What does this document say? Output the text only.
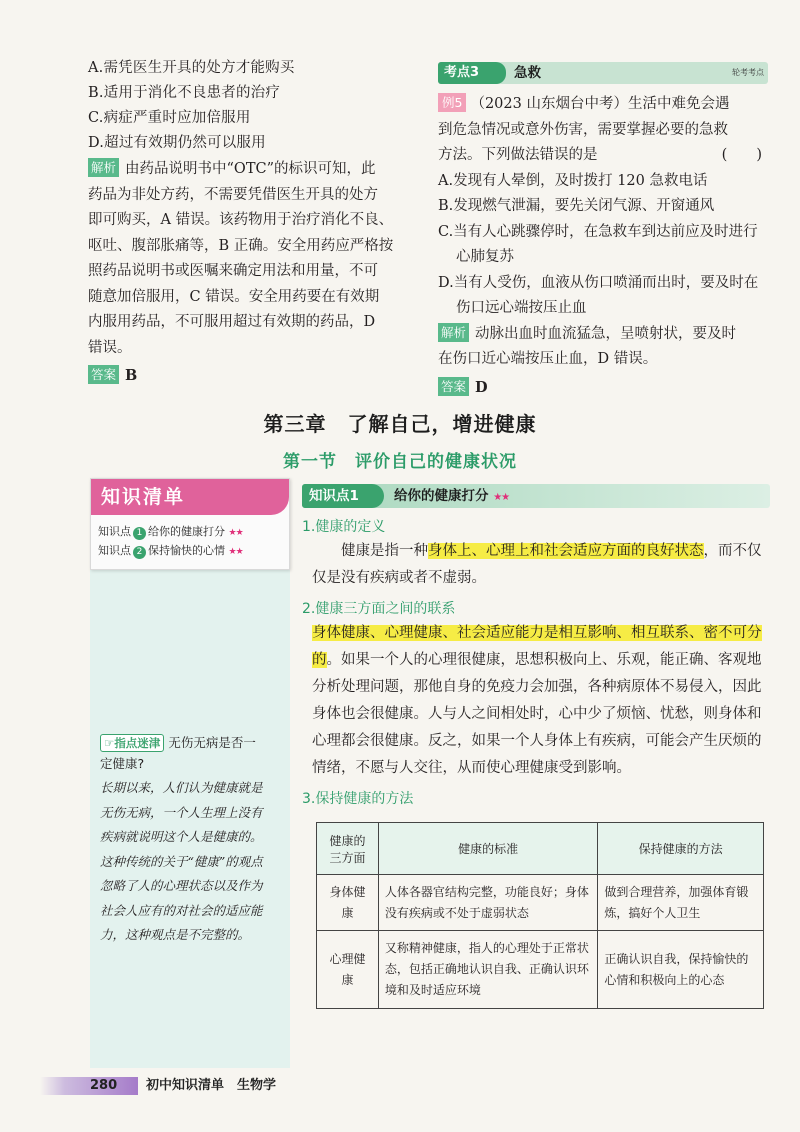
A.需凭医生开具的处方才能购买
B.适用于消化不良患者的治疗
C.病症严重时应加倍服用
D.超过有效期仍然可以服用
解析 由药品说明书中“OTC”的标识可知，此
药品为非处方药，不需要凭借医生开具的处方
即可购买，A 错误。该药物用于治疗消化不良、
呕吐、腹部胀痛等，B 正确。安全用药应严格按
照药品说明书或医嘱来确定用法和用量，不可
随意加倍服用，C 错误。安全用药要在有效期
内服用药品，不可服用超过有效期的药品，D
错误。
答案 B
考点3	急救	轮考考点
例5 （2023 山东烟台中考）生活中难免会遇
到危急情况或意外伤害，需要掌握必要的急救

方法。下列做法错误的是	(　　)
A.发现有人晕倒，及时拨打 120 急救电话
B.发现燃气泄漏，要先关闭气源、开窗通风
C.当有人心跳骤停时，在急救车到达前应及时进行心肺复苏
D.当有人受伤，血液从伤口喷涌而出时，要及时在伤口远心端按压止血
解析 动脉出血时血流猛急，呈喷射状，要及时
在伤口近心端按压止血，D 错误。
答案 D
第三章　了解自己，增进健康
第一节　评价自己的健康状况
知识清单
知识点 1 给你的健康打分 ★★
知识点 2 保持愉快的心情 ★★
☞指点迷津 无伤无病是否一
定健康?
长期以来，人们认为健康就是
无伤无病，一个人生理上没有
疾病就说明这个人是健康的。
这种传统的关于“健康”的观点
忽略了人的心理状态以及作为
社会人应有的对社会的适应能
力，这种观点是不完整的。
知识点1	给你的健康打分 ★★
1.健康的定义
健康是指一种身体上、心理上和社会适应方面的良好状态，而不仅仅是没有疾病或者不虚弱。
2.健康三方面之间的联系
身体健康、心理健康、社会适应能力是相互影响、相互联系、密不可分的。如果一个人的心理很健康，思想积极向上、乐观，能正确、客观地分析处理问题，那他自身的免疫力会加强，各种病原体不易侵入，因此身体也会很健康。人与人之间相处时，心中少了烦恼、忧愁，则身体和心理都会很健康。反之，如果一个人身体上有疾病，可能会产生厌烦的情绪，不愿与人交往，从而使心理健康受到影响。
3.保持健康的方法
健康的三方面	健康的标准	保持健康的方法
身体健康	人体各器官结构完整，功能良好；身体没有疾病或不处于虚弱状态	做到合理营养，加强体育锻炼，搞好个人卫生
心理健康	又称精神健康，指人的心理处于正常状态，包括正确地认识自我、正确认识环境和及时适应环境	正确认识自我，保持愉快的心情和积极向上的心态
280	初中知识清单　生物学
